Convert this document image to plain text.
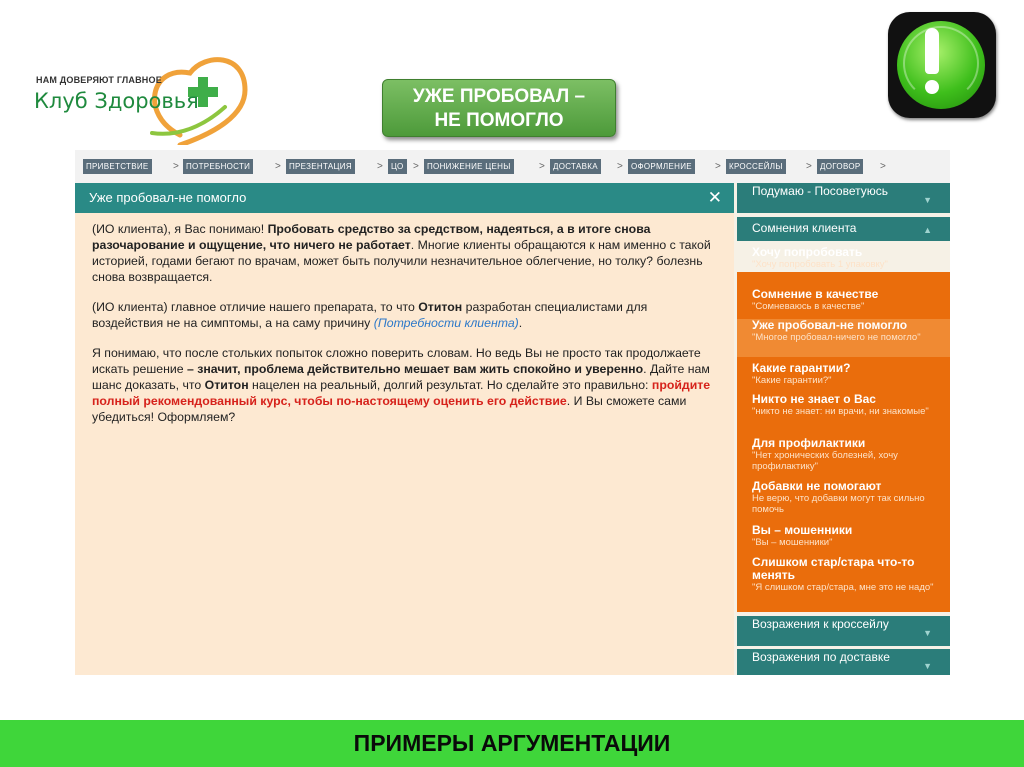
НАМ ДОВЕРЯЮТ ГЛАВНОЕ
Клуб Здоровья	УЖЕ ПРОБОВАЛ –
НЕ ПОМОГЛО
ПРИВЕТСТВИЕ	> ПОТРЕБНОСТИ	>	ПРЕЗЕНТАЦИЯ	>	ЦО >	ПОНИЖЕНИЕ ЦЕНЫ	>	ДОСТАВКА	>	ОФОРМЛЕНИЕ	>	КРОССЕЙЛЫ	>	ДОГОВОР	>
Уже пробовал-не помогло	✕

(ИО клиента), я Вас понимаю! Пробовать средство за средством, надеяться, а в итоге снова разочарование и ощущение, что ничего не работает. Многие клиенты обращаются к нам именно с такой историей, годами бегают по врачам, может быть получили незначительное облегчение, но толку? болезнь снова возвращается.

(ИО клиента) главное отличие нашего препарата, то что Отитон разработан специалистами для воздействия не на симптомы, а на саму причину (Потребности клиента).

Я понимаю, что после стольких попыток сложно поверить словам. Но ведь Вы не просто так продолжаете искать решение – значит, проблема действительно мешает вам жить спокойно и уверенно. Дайте нам шанс доказать, что Отитон нацелен на реальный, долгий результат. Но сделайте это правильно: пройдите полный рекомендованный курс, чтобы по-настоящему оценить его действие. И Вы сможете сами убедиться! Оформляем?

Подумаю - Посоветуюсь
▼
Сомнения клиента	▲
Хочу попробовать
"Хочу попробовать 1 упаковку"
Сомнение в качестве
"Сомневаюсь в качестве"
Уже пробовал-не помогло
"Многое пробовал-ничего не помогло"
Какие гарантии?
"Какие гарантии?"
Никто не знает о Вас
"никто не знает: ни врачи, ни знакомые"
Для профилактики
"Нет хронических болезней, хочу профилактику"
Добавки не помогают
Не верю, что добавки могут так сильно помочь
Вы – мошенники
"Вы – мошенники"
Слишком стар/стара что-то менять
"Я слишком стар/стара, мне это не надо"
Возражения к кроссейлу
▼
Возражения по доставке
▼
ПРИМЕРЫ АРГУМЕНТАЦИИ
